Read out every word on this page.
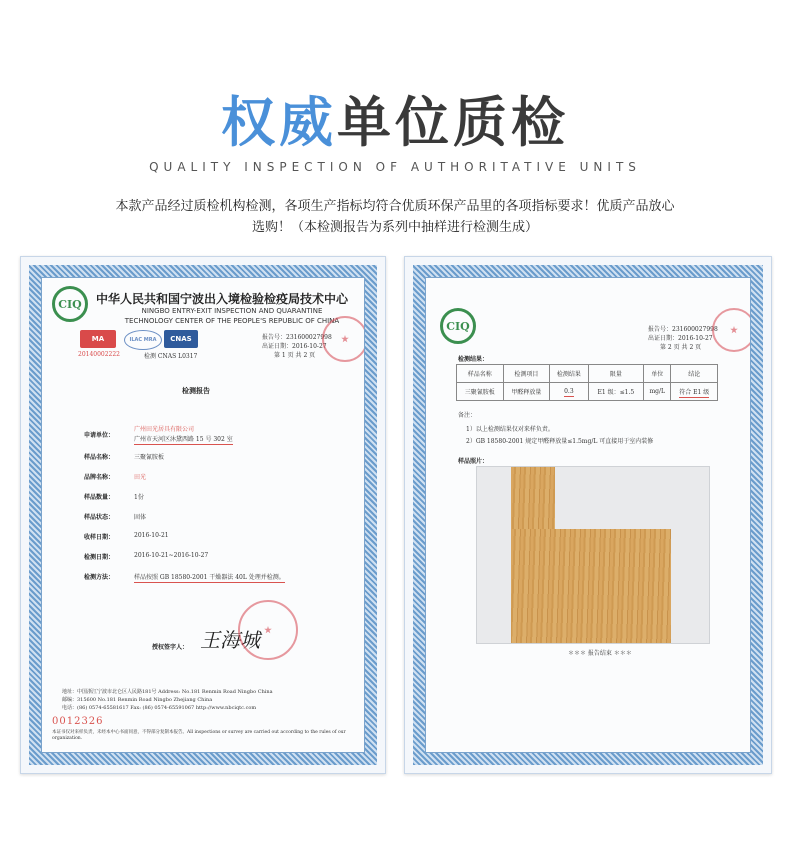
权威单位质检
QUALITY INSPECTION OF AUTHORITATIVE UNITS
本款产品经过质检机构检测，各项生产指标均符合优质环保产品里的各项指标要求！优质产品放心选购！（本检测报告为系列中抽样进行检测生成）
CIQ	中华人民共和国宁波出入境检验检疫局技术中心
NINGBO ENTRY-EXIT INSPECTION AND QUARANTINE
TECHNOLOGY CENTER OF THE PEOPLE'S REPUBLIC OF CHINA
MA
20140002222
ILAC MRA	CNAS
检测 CNAS L0317
报告号：231600027998
出证日期：2016-10-27
第 1 页 共 2 页
检测报告
申请单位：
广州田光居具有限公司
广州市天河区沐黛西路 15 号 302 室
样品名称：	三聚氰胺板
品牌名称：	田光
样品数量：	1份
样品状态：	固体
收样日期：	2016-10-21
检测日期：	2016-10-21~2016-10-27
检测方法：	样品按照 GB 18580-2001 干燥器法 40L 处理并检测。
授权签字人： 王海城
地址：中国浙江宁波市北仑区人民路181号 Address: No.181 Renmin Road Ningbo China
邮编：315600 No.181 Renmin Road Ningbo Zhejiang China
电话：(86) 0574-65581617 Fax: (86) 0574-65591067 http://www.nbciqtc.com
0012326
本证书仅对来样负责，未经本中心书面同意，不得部分复制本报告。All inspections or survey are carried out according to the rules of our organization.
CIQ	报告号：231600027998
出证日期：2016-10-27
第 2 页 共 2 页
检测结果：
样品名称	检测项目	检测结果	限量	单位	结论
三聚氰胺板	甲醛释放量	0.3	E1 级：≤1.5	mg/L	符合 E1 级
备注：
1）以上检测结果仅对来样负责。
2）GB 18580-2001 规定甲醛释放量≤1.5mg/L 可直接用于室内装修
样品照片：
＊＊＊ 报告结束 ＊＊＊
